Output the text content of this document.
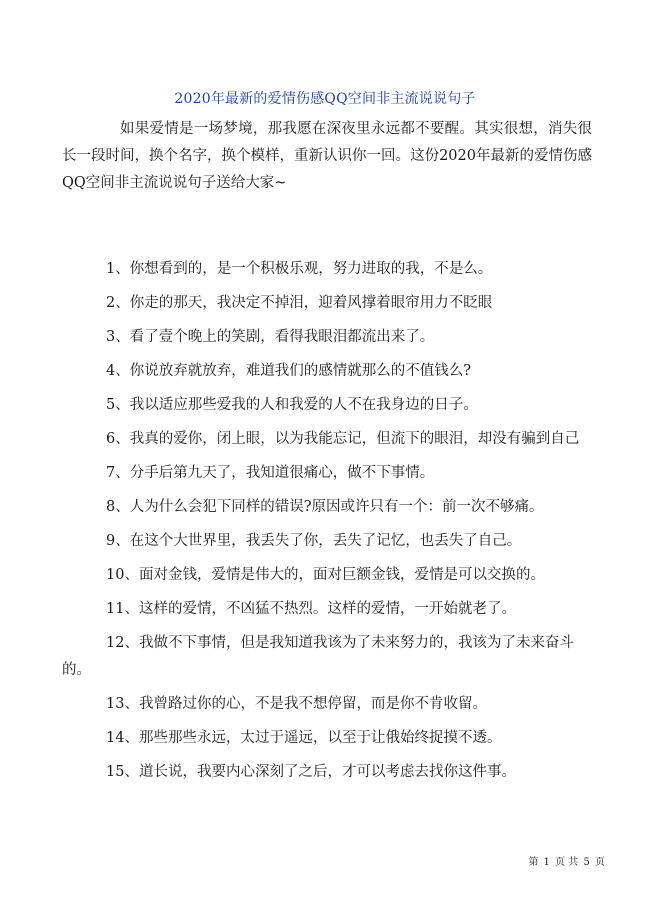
2020年最新的爱情伤感QQ空间非主流说说句子

如果爱情是一场梦境，那我愿在深夜里永远都不要醒。其实很想，消失很长一段时间，换个名字，换个模样，重新认识你一回。这份2020年最新的爱情伤感QQ空间非主流说说句子送给大家~

1、你想看到的，是一个积极乐观，努力进取的我，不是么。
2、你走的那天，我决定不掉泪，迎着风撑着眼帘用力不眨眼
3、看了壹个晚上的笑剧，看得我眼泪都流出来了。
4、你说放弃就放弃，难道我们的感情就那么的不值钱么?
5、我以适应那些爱我的人和我爱的人不在我身边的日子。
6、我真的爱你，闭上眼，以为我能忘记，但流下的眼泪，却没有骗到自己
7、分手后第九天了，我知道很痛心，做不下事情。
8、人为什么会犯下同样的错误?原因或许只有一个：前一次不够痛。
9、在这个大世界里，我丢失了你，丢失了记忆，也丢失了自己。
10、面对金钱，爱情是伟大的，面对巨额金钱，爱情是可以交换的。
11、这样的爱情，不凶猛不热烈。这样的爱情，一开始就老了。
12、我做不下事情，但是我知道我该为了未来努力的，我该为了未来奋斗的。
13、我曾路过你的心，不是我不想停留，而是你不肯收留。
14、那些那些永远，太过于遥远，以至于让俄始终捉摸不透。
15、道长说，我要内心深刻了之后，才可以考虑去找你这件事。
第 1 页 共 5 页
